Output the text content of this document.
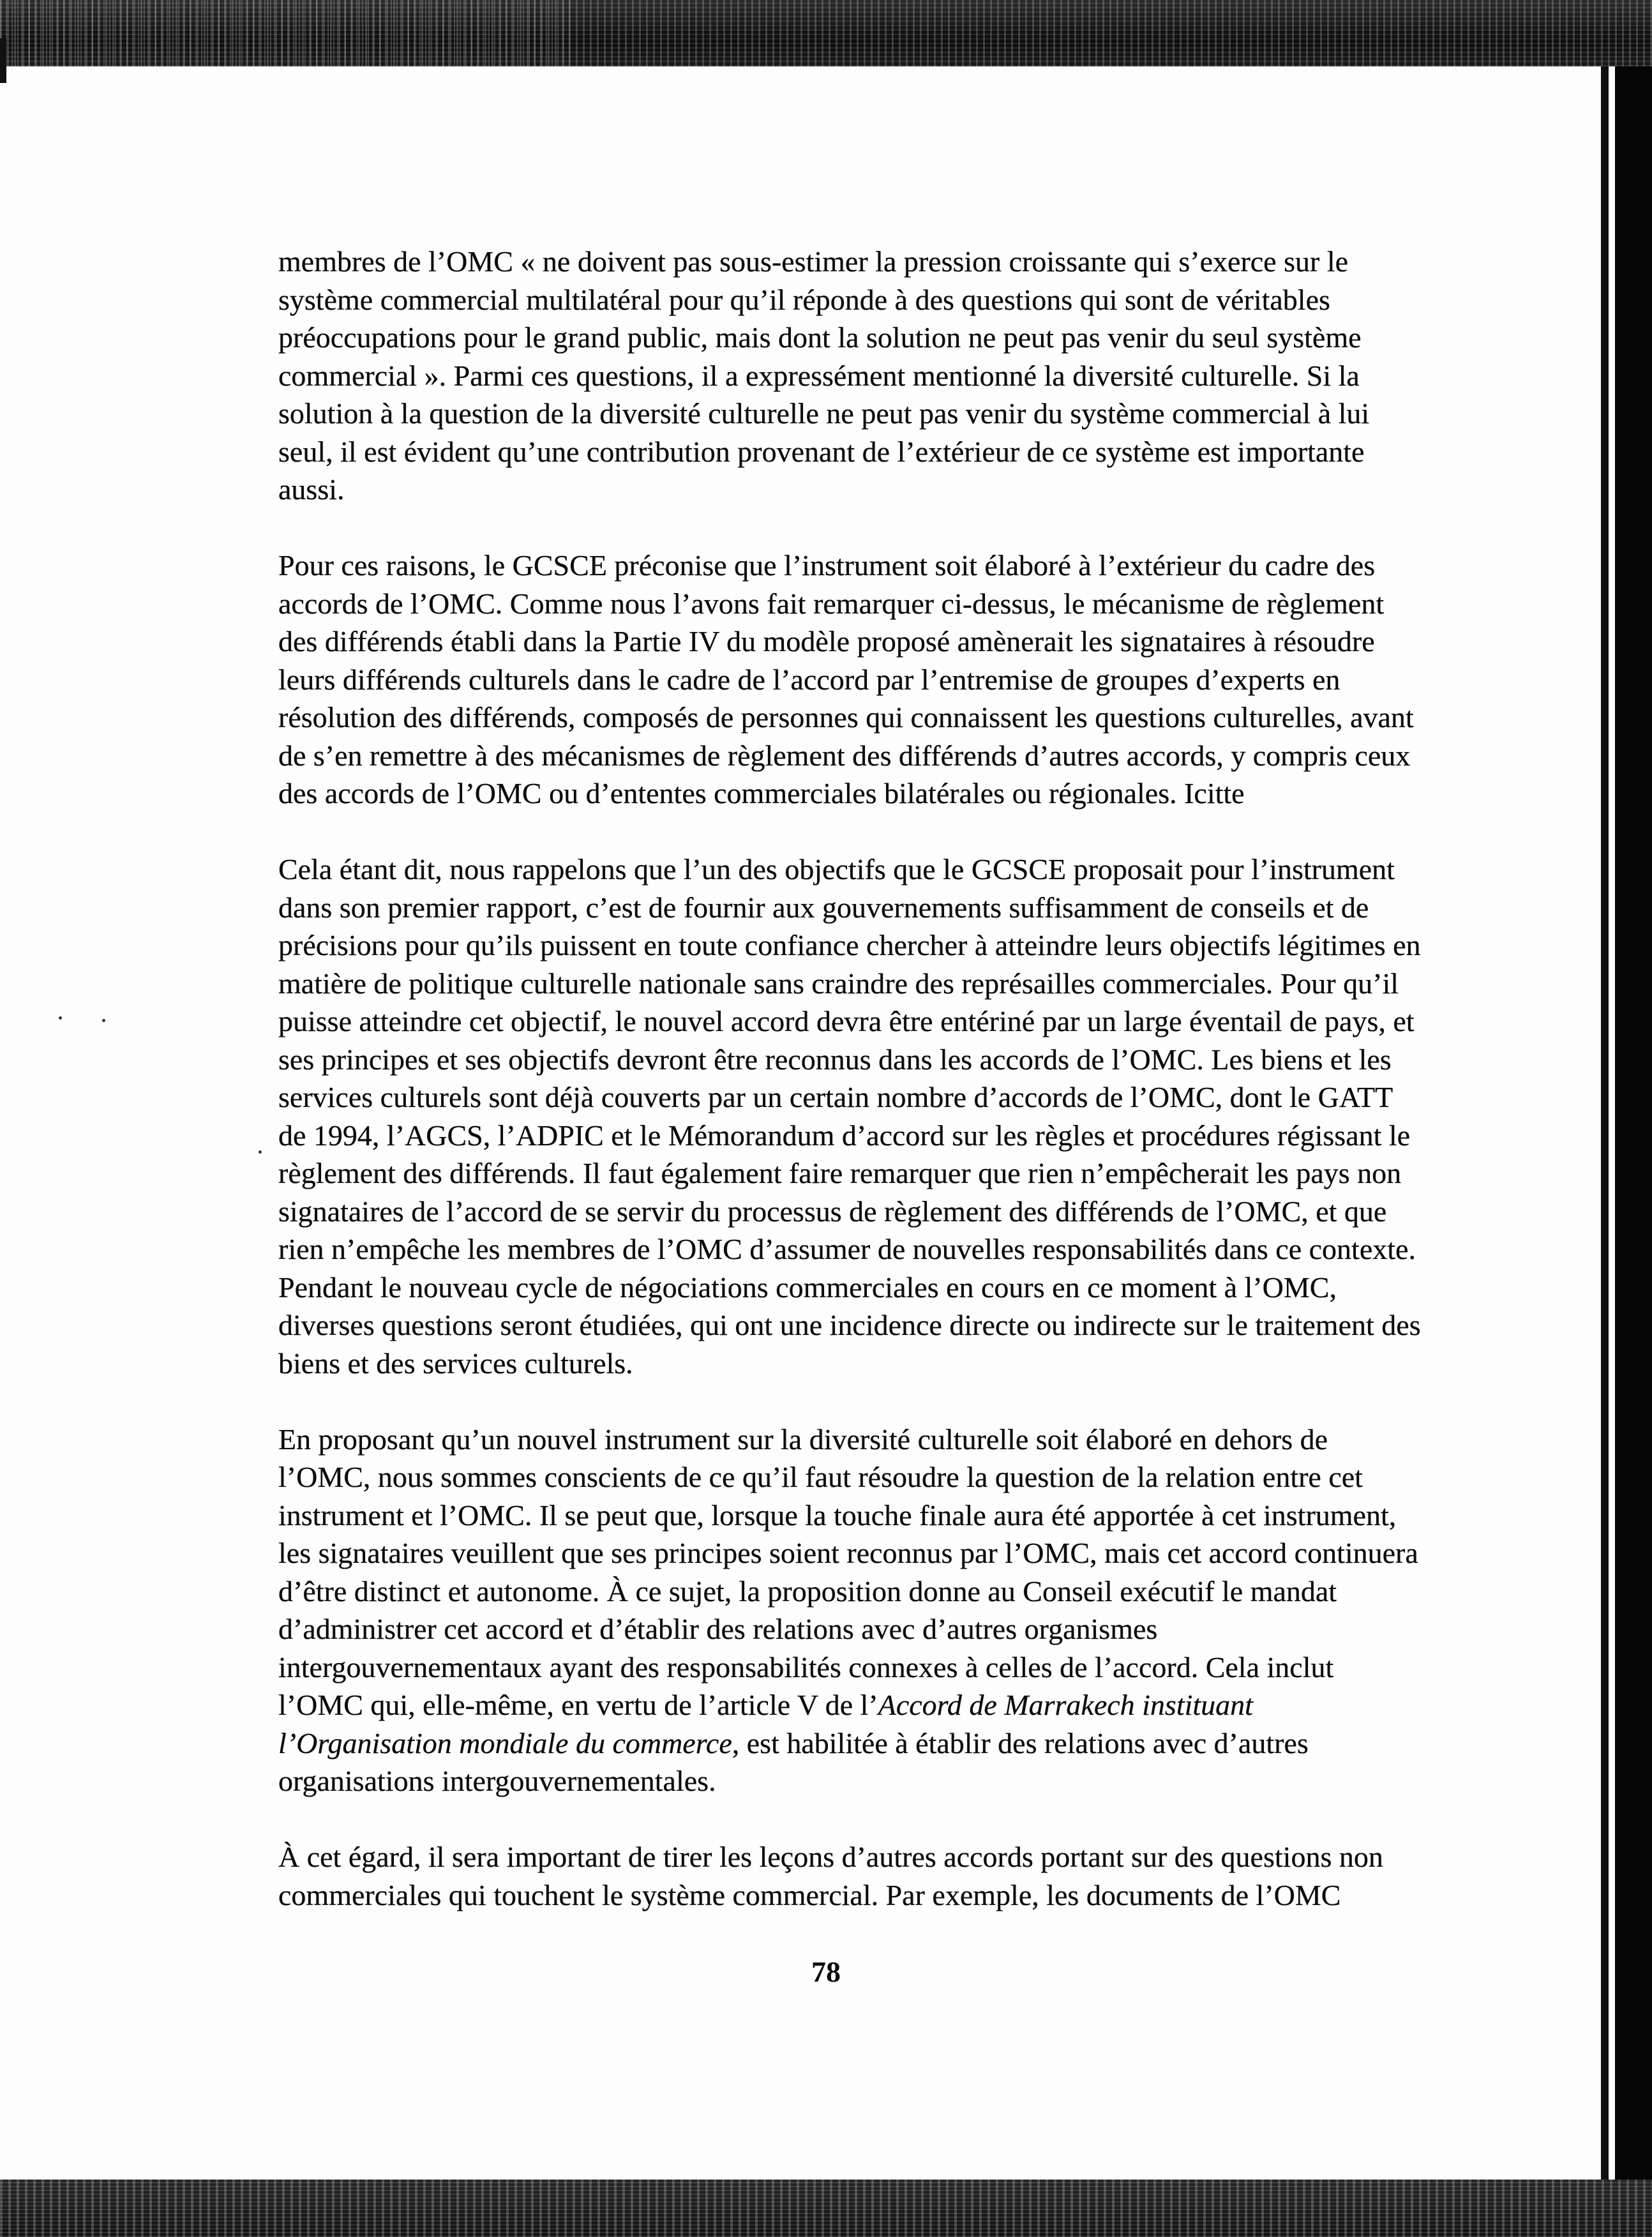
membres de l’OMC « ne doivent pas sous-estimer la pression croissante qui s’exerce sur le
système commercial multilatéral pour qu’il réponde à des questions qui sont de véritables
préoccupations pour le grand public, mais dont la solution ne peut pas venir du seul système
commercial ». Parmi ces questions, il a expressément mentionné la diversité culturelle. Si la
solution à la question de la diversité culturelle ne peut pas venir du système commercial à lui
seul, il est évident qu’une contribution provenant de l’extérieur de ce système est importante
aussi.

Pour ces raisons, le GCSCE préconise que l’instrument soit élaboré à l’extérieur du cadre des
accords de l’OMC. Comme nous l’avons fait remarquer ci-dessus, le mécanisme de règlement
des différends établi dans la Partie IV du modèle proposé amènerait les signataires à résoudre
leurs différends culturels dans le cadre de l’accord par l’entremise de groupes d’experts en
résolution des différends, composés de personnes qui connaissent les questions culturelles, avant
de s’en remettre à des mécanismes de règlement des différends d’autres accords, y compris ceux
des accords de l’OMC ou d’ententes commerciales bilatérales ou régionales. Icitte

Cela étant dit, nous rappelons que l’un des objectifs que le GCSCE proposait pour l’instrument
dans son premier rapport, c’est de fournir aux gouvernements suffisamment de conseils et de
précisions pour qu’ils puissent en toute confiance chercher à atteindre leurs objectifs légitimes en
matière de politique culturelle nationale sans craindre des représailles commerciales. Pour qu’il
puisse atteindre cet objectif, le nouvel accord devra être entériné par un large éventail de pays, et
ses principes et ses objectifs devront être reconnus dans les accords de l’OMC. Les biens et les
services culturels sont déjà couverts par un certain nombre d’accords de l’OMC, dont le GATT
de 1994, l’AGCS, l’ADPIC et le Mémorandum d’accord sur les règles et procédures régissant le
règlement des différends. Il faut également faire remarquer que rien n’empêcherait les pays non
signataires de l’accord de se servir du processus de règlement des différends de l’OMC, et que
rien n’empêche les membres de l’OMC d’assumer de nouvelles responsabilités dans ce contexte.
Pendant le nouveau cycle de négociations commerciales en cours en ce moment à l’OMC,
diverses questions seront étudiées, qui ont une incidence directe ou indirecte sur le traitement des
biens et des services culturels.

En proposant qu’un nouvel instrument sur la diversité culturelle soit élaboré en dehors de
l’OMC, nous sommes conscients de ce qu’il faut résoudre la question de la relation entre cet
instrument et l’OMC. Il se peut que, lorsque la touche finale aura été apportée à cet instrument,
les signataires veuillent que ses principes soient reconnus par l’OMC, mais cet accord continuera
d’être distinct et autonome. À ce sujet, la proposition donne au Conseil exécutif le mandat
d’administrer cet accord et d’établir des relations avec d’autres organismes
intergouvernementaux ayant des responsabilités connexes à celles de l’accord. Cela inclut
l’OMC qui, elle-même, en vertu de l’article V de l’Accord de Marrakech instituant
l’Organisation mondiale du commerce, est habilitée à établir des relations avec d’autres
organisations intergouvernementales.

À cet égard, il sera important de tirer les leçons d’autres accords portant sur des questions non
commerciales qui touchent le système commercial. Par exemple, les documents de l’OMC

78
